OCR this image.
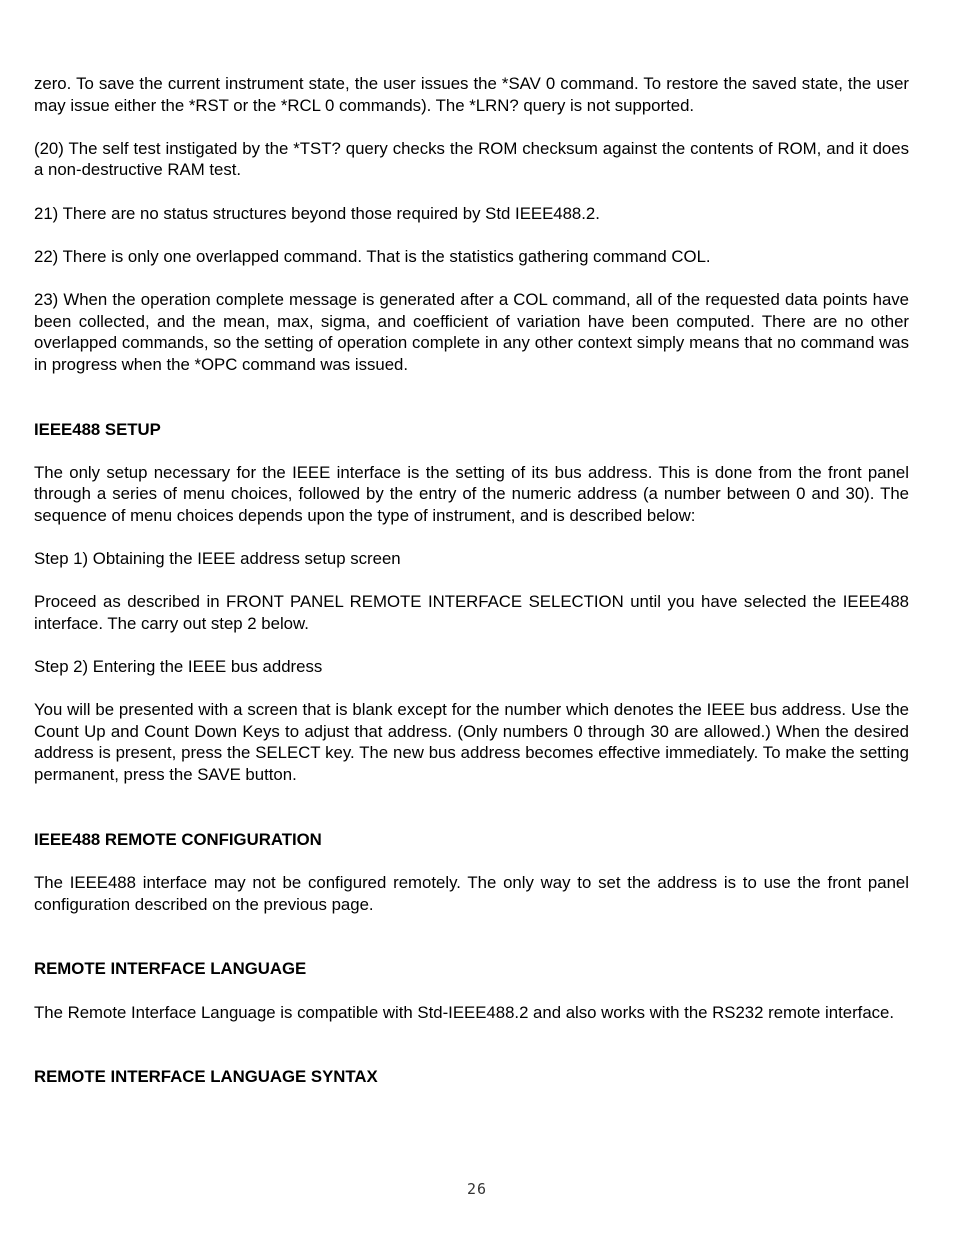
zero. To save the current instrument state, the user issues the *SAV 0 command. To restore the saved state, the user may issue either the *RST or the *RCL 0 commands). The *LRN? query is not supported.

(20) The self test instigated by the *TST? query checks the ROM checksum against the contents of ROM, and it does a non-destructive RAM test.

21) There are no status structures beyond those required by Std IEEE488.2.

22) There is only one overlapped command. That is the statistics gathering command COL.

23) When the operation complete message is generated after a COL command, all of the requested data points have been collected, and the mean, max, sigma, and coefficient of variation have been computed. There are no other overlapped commands, so the setting of operation complete in any other context simply means that no command was in progress when the *OPC command was issued.

IEEE488 SETUP

The only setup necessary for the IEEE interface is the setting of its bus address. This is done from the front panel through a series of menu choices, followed by the entry of the numeric address (a number between 0 and 30). The sequence of menu choices depends upon the type of instrument, and is described below:

Step 1) Obtaining the IEEE address setup screen

Proceed as described in FRONT PANEL REMOTE INTERFACE SELECTION until you have selected the IEEE488 interface. The carry out step 2 below.

Step 2) Entering the IEEE bus address

You will be presented with a screen that is blank except for the number which denotes the IEEE bus address. Use the Count Up and Count Down Keys to adjust that address. (Only numbers 0 through 30 are allowed.) When the desired address is present, press the SELECT key. The new bus address becomes effective immediately. To make the setting permanent, press the SAVE button.

IEEE488 REMOTE CONFIGURATION

The IEEE488 interface may not be configured remotely. The only way to set the address is to use the front panel configuration described on the previous page.

REMOTE INTERFACE LANGUAGE

The Remote Interface Language is compatible with Std-IEEE488.2 and also works with the RS232 remote interface.

REMOTE INTERFACE LANGUAGE SYNTAX
26
